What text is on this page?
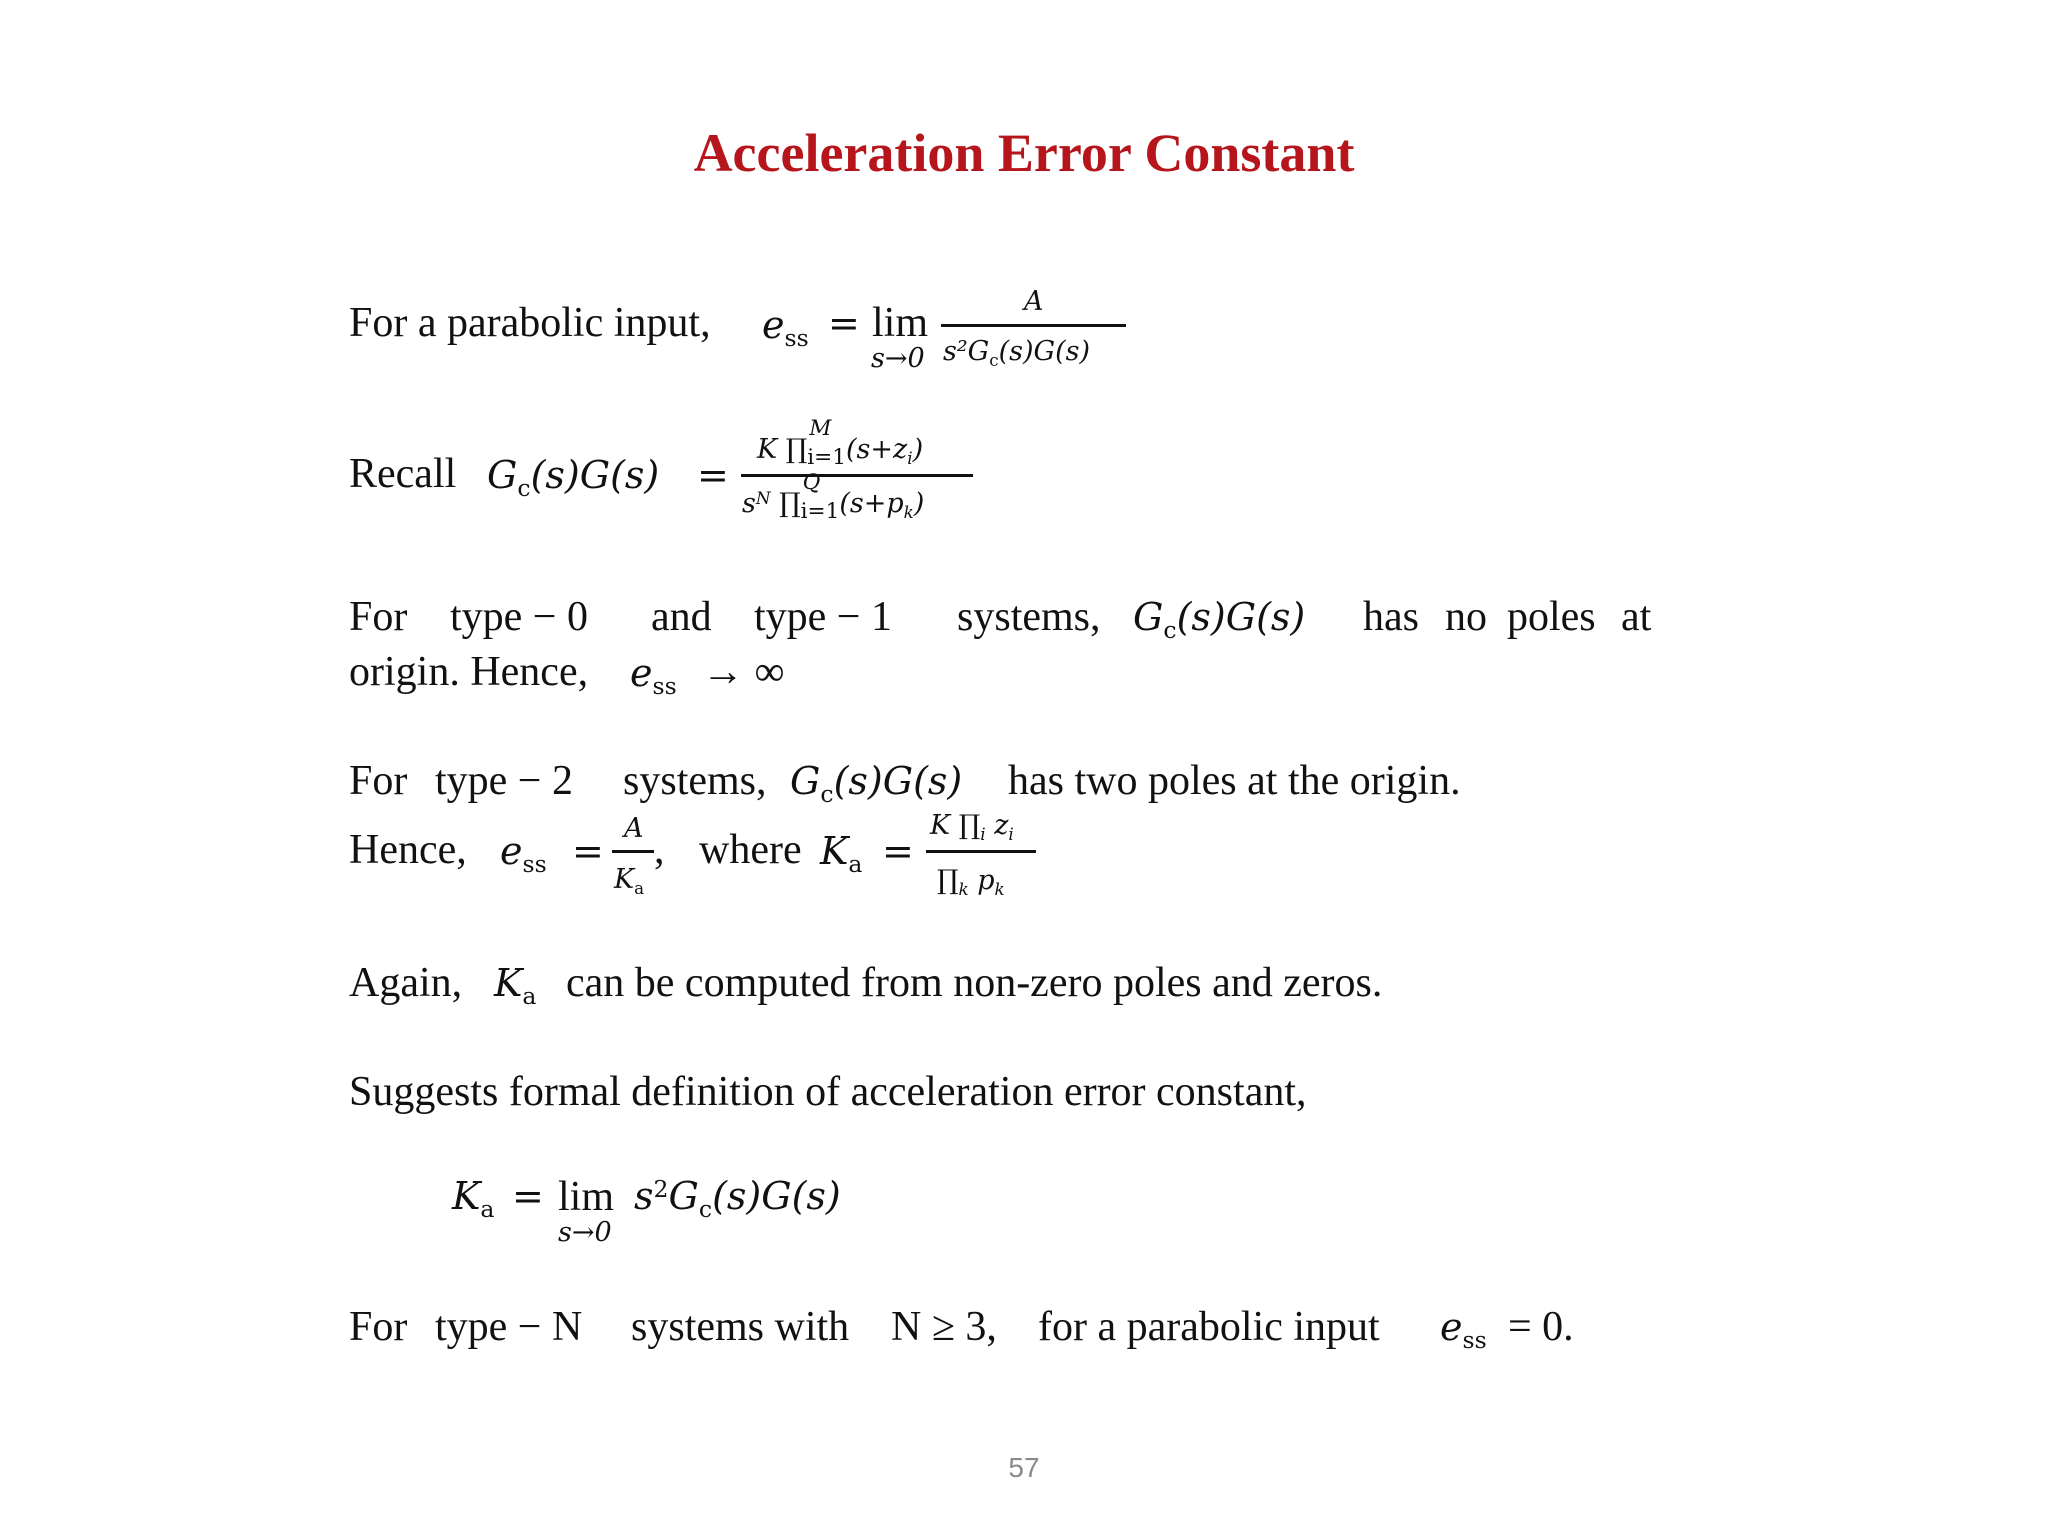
Acceleration Error Constant
For a parabolic input, $e_{ss} = \lim$
s→0
A
$s^2G_c(s)G(s)$
Recall $G_c(s)G(s)$ =
K ∏
M
$_{i=1}(s+z_i)$
$s^N$ ∏
Q
$_{i=1}(s+p_k)$
For type − 0 and type − 1 systems, $G_c(s)G(s)$ has no poles at
origin. Hence, $e_{ss}$ → ∞
For type − 2 systems, $G_c(s)G(s)$ has two poles at the origin.
Hence, $e_{ss}$ =
A
$K_a$
, where $K_a$ =
K $\prod_i$ $z_i$
$\prod_k$ $p_k$
Again, $K_a$ can be computed from non-zero poles and zeros.
Suggests formal definition of acceleration error constant,
$K_a = \lim$
s→0
$s^2G_c(s)G(s)$
For type − N systems with N ≥ 3, for a parabolic input $e_{ss} = 0$.
57
